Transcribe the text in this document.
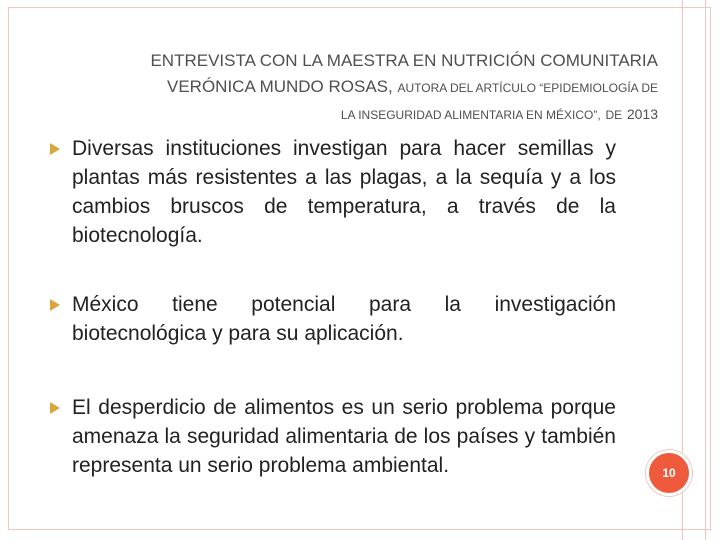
ENTREVISTA CON LA MAESTRA EN NUTRICIÓN COMUNITARIA
VERÓNICA MUNDO ROSAS, AUTORA DEL ARTÍCULO “EPIDEMIOLOGÍA DE
LA INSEGURIDAD ALIMENTARIA EN MÉXICO”, DE 2013
Diversas instituciones investigan para hacer semillas y plantas más resistentes a las plagas, a la sequía y a los cambios bruscos de temperatura, a través de la biotecnología.
México tiene potencial para la investigación biotecnológica y para su aplicación.
El desperdicio de alimentos es un serio problema porque amenaza la seguridad alimentaria de los países y también representa un serio problema ambiental.	10
